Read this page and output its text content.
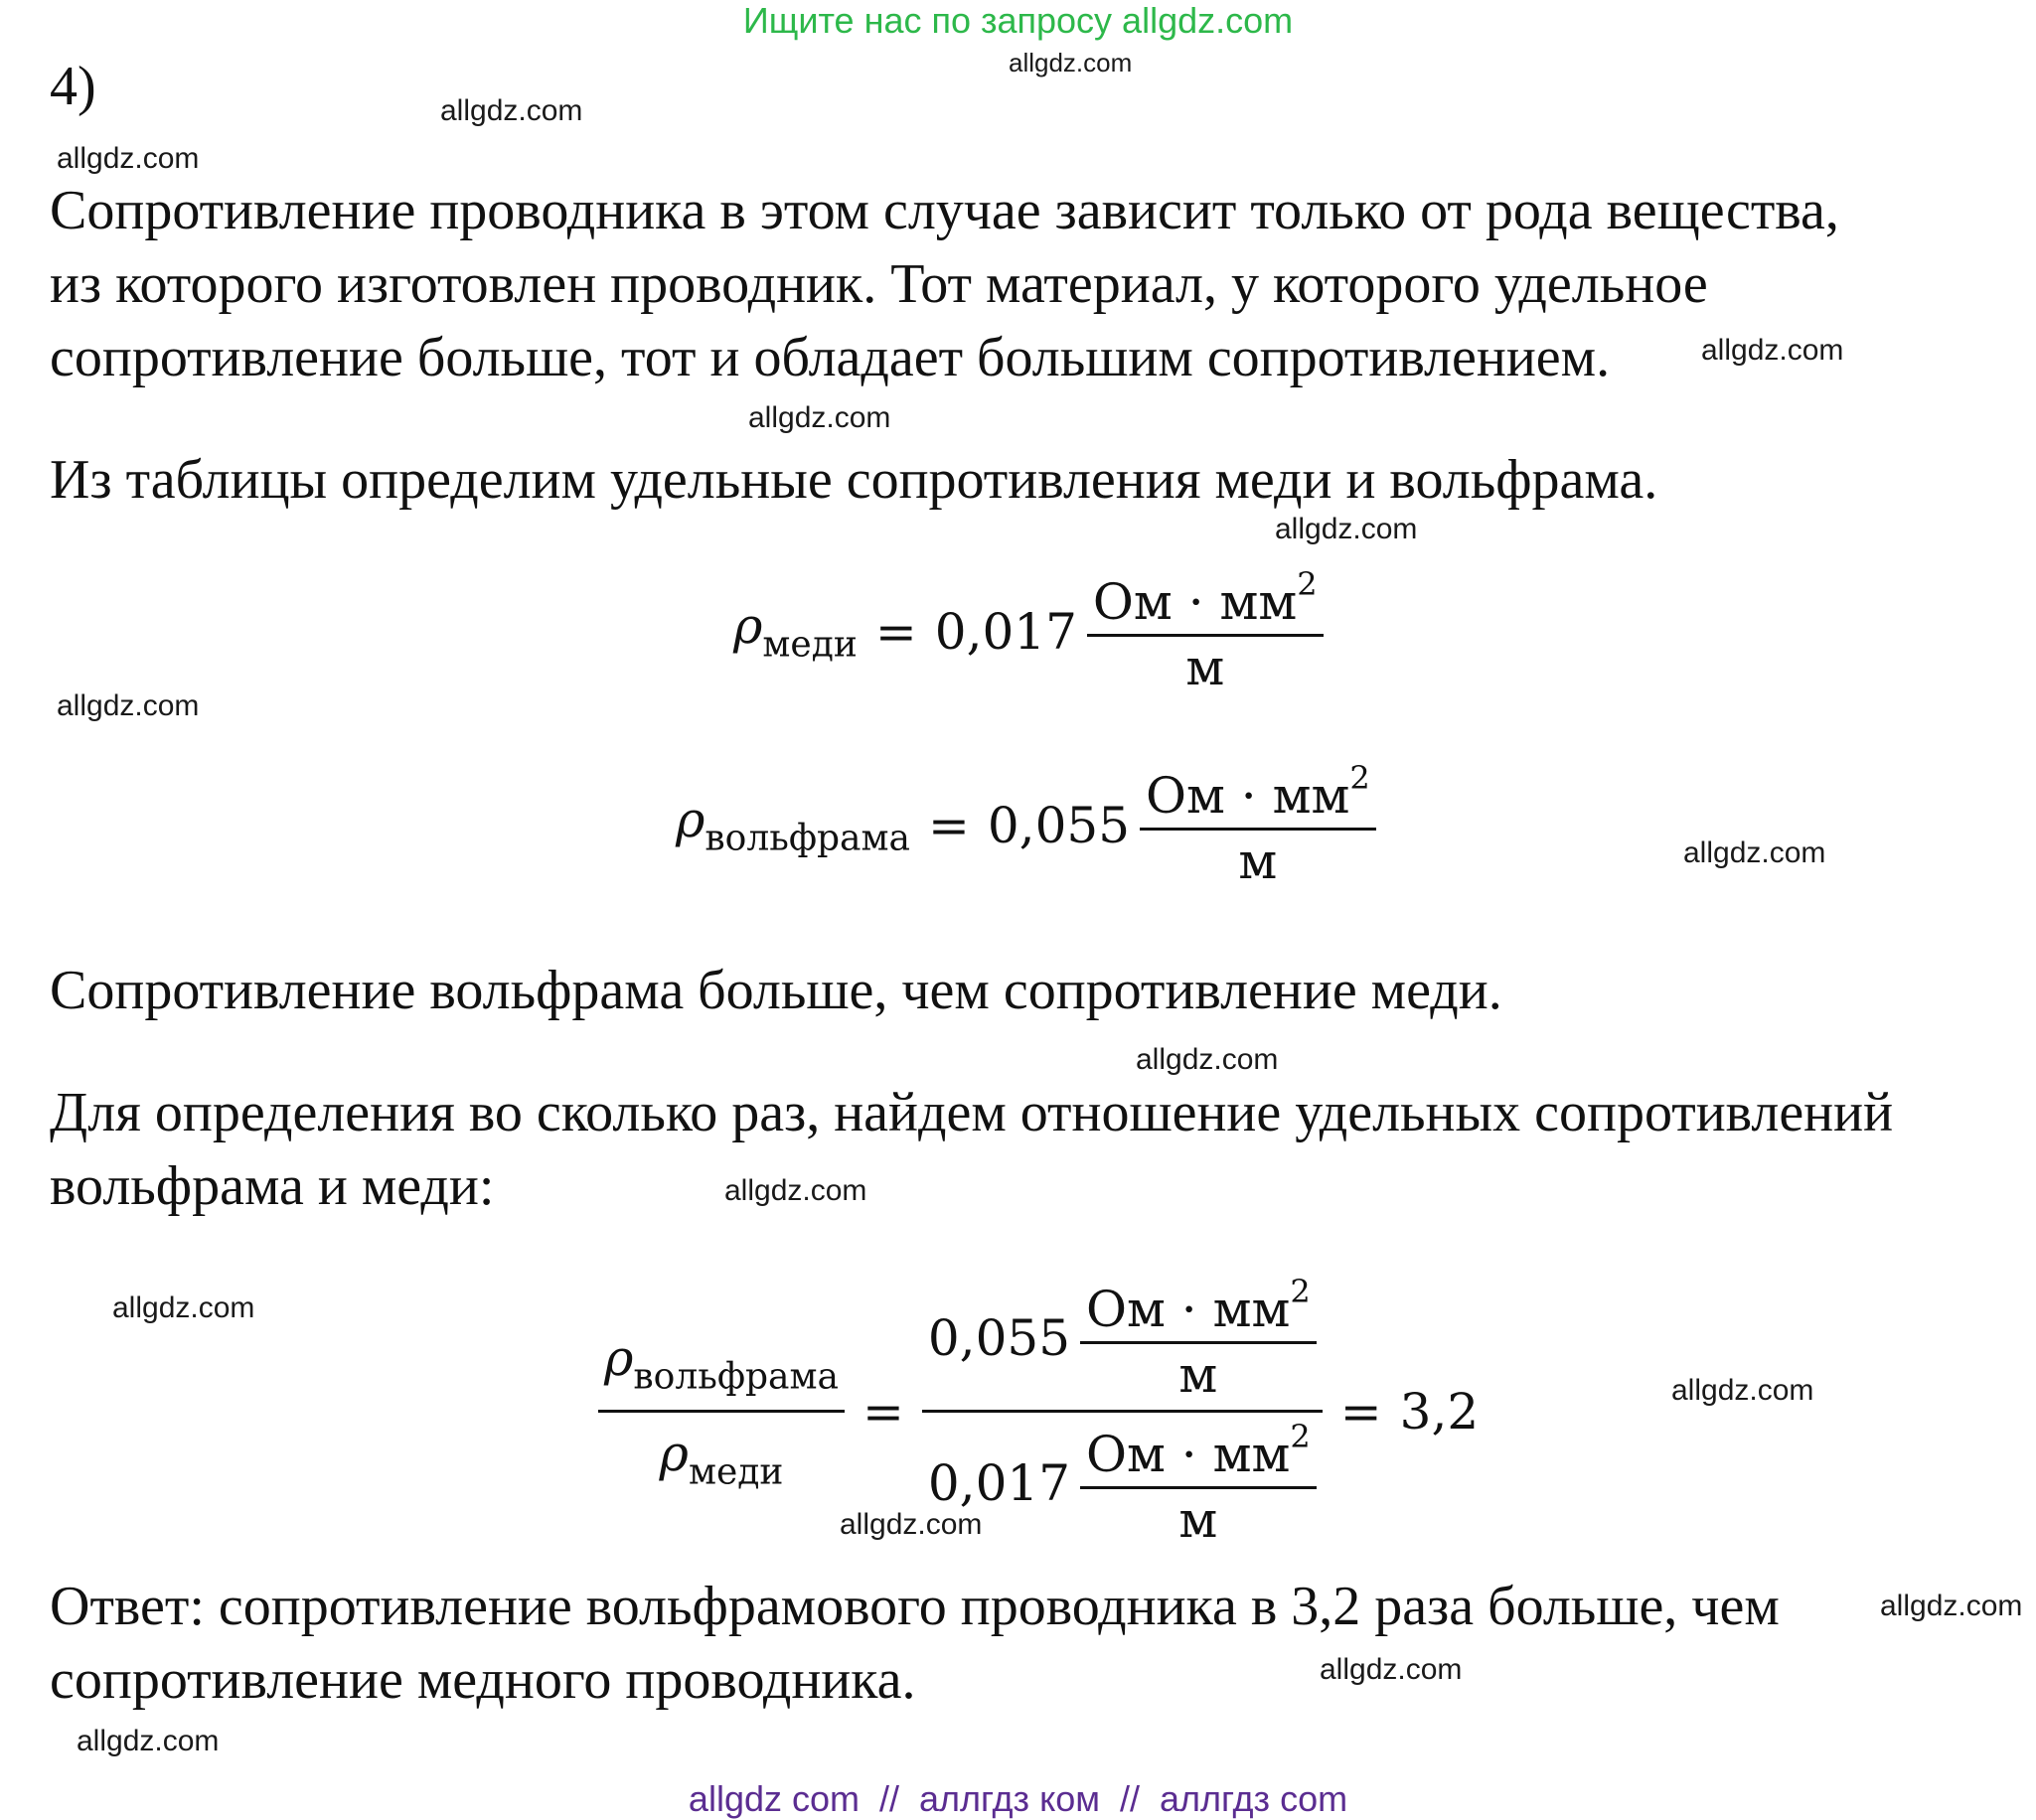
Ищите нас по запросу allgdz.com
allgdz.com
allgdz.com
allgdz.com
allgdz.com
allgdz.com
allgdz.com
allgdz.com
allgdz.com
allgdz.com
allgdz.com
allgdz.com
allgdz.com
allgdz.com
allgdz.com
allgdz.com
allgdz.com
4)
Сопротивление проводника в этом случае зависит только от рода вещества,
из которого изготовлен проводник. Тот материал, у которого удельное
сопротивление больше, тот и обладает большим сопротивлением.
Из таблицы определим удельные сопротивления меди и вольфрама.
$\rho_{меди} = 0,017 \frac{Ом \cdot мм^2}{м}$
$\rho_{вольфрама} = 0,055 \frac{Ом \cdot мм^2}{м}$
Сопротивление вольфрама больше, чем сопротивление меди.
Для определения во сколько раз, найдем отношение удельных сопротивлений
вольфрама и меди:
$\frac{\rho_{вольфрама}}{\rho_{меди}} = \frac{0,055 \frac{Ом \cdot мм^2}{м}}{0,017 \frac{Ом \cdot мм^2}{м}} = 3,2$
Ответ: сопротивление вольфрамового проводника в 3,2 раза больше, чем
сопротивление медного проводника.
allgdz com  //  аллгдз ком  //  аллгдз com
